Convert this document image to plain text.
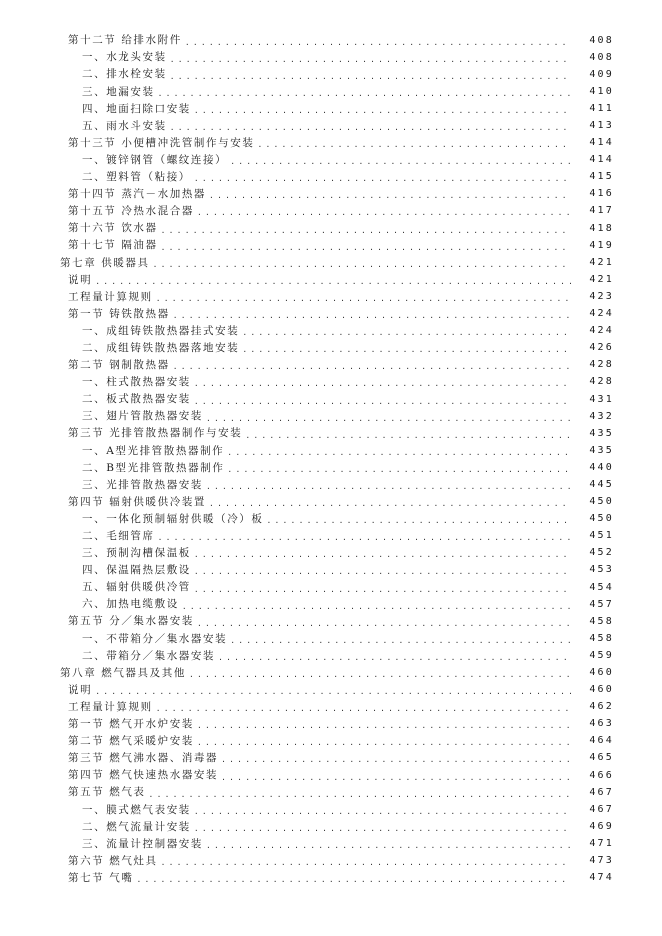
第十二节 给排水附件 .....	408
一、水龙头安装 .....	408
二、排水栓安装 .....	409
三、地漏安装 .....	410
四、地面扫除口安装 .....	411
五、雨水斗安装 .....	413
第十三节 小便槽冲洗管制作与安装 .....	414
一、镀锌钢管（螺纹连接） .....	414
二、塑料管（粘接） .....	415
第十四节 蒸汽－水加热器 .....	416
第十五节 冷热水混合器 .....	417
第十六节 饮水器 .....	418
第十七节 隔油器 .....	419
第七章 供暖器具 .....	421
说明 .....	421
工程量计算规则 .....	423
第一节 铸铁散热器 .....	424
一、成组铸铁散热器挂式安装 .....	424
二、成组铸铁散热器落地安装 .....	426
第二节 钢制散热器 .....	428
一、柱式散热器安装 .....	428
二、板式散热器安装 .....	431
三、翅片管散热器安装 .....	432
第三节 光排管散热器制作与安装 .....	435
一、A型光排管散热器制作 .....	435
二、B型光排管散热器制作 .....	440
三、光排管散热器安装 .....	445
第四节 辐射供暖供冷装置 .....	450
一、一体化预制辐射供暖（冷）板 .....	450
二、毛细管席 .....	451
三、预制沟槽保温板 .....	452
四、保温隔热层敷设 .....	453
五、辐射供暖供冷管 .....	454
六、加热电缆敷设 .....	457
第五节 分／集水器安装 .....	458
一、不带箱分／集水器安装 .....	458
二、带箱分／集水器安装 .....	459
第八章 燃气器具及其他 .....	460
说明 .....	460
工程量计算规则 .....	462
第一节 燃气开水炉安装 .....	463
第二节 燃气采暖炉安装 .....	464
第三节 燃气沸水器、消毒器 .....	465
第四节 燃气快速热水器安装 .....	466
第五节 燃气表 .....	467
一、膜式燃气表安装 .....	467
二、燃气流量计安装 .....	469
三、流量计控制器安装 .....	471
第六节 燃气灶具 .....	473
第七节 气嘴 .....	474
